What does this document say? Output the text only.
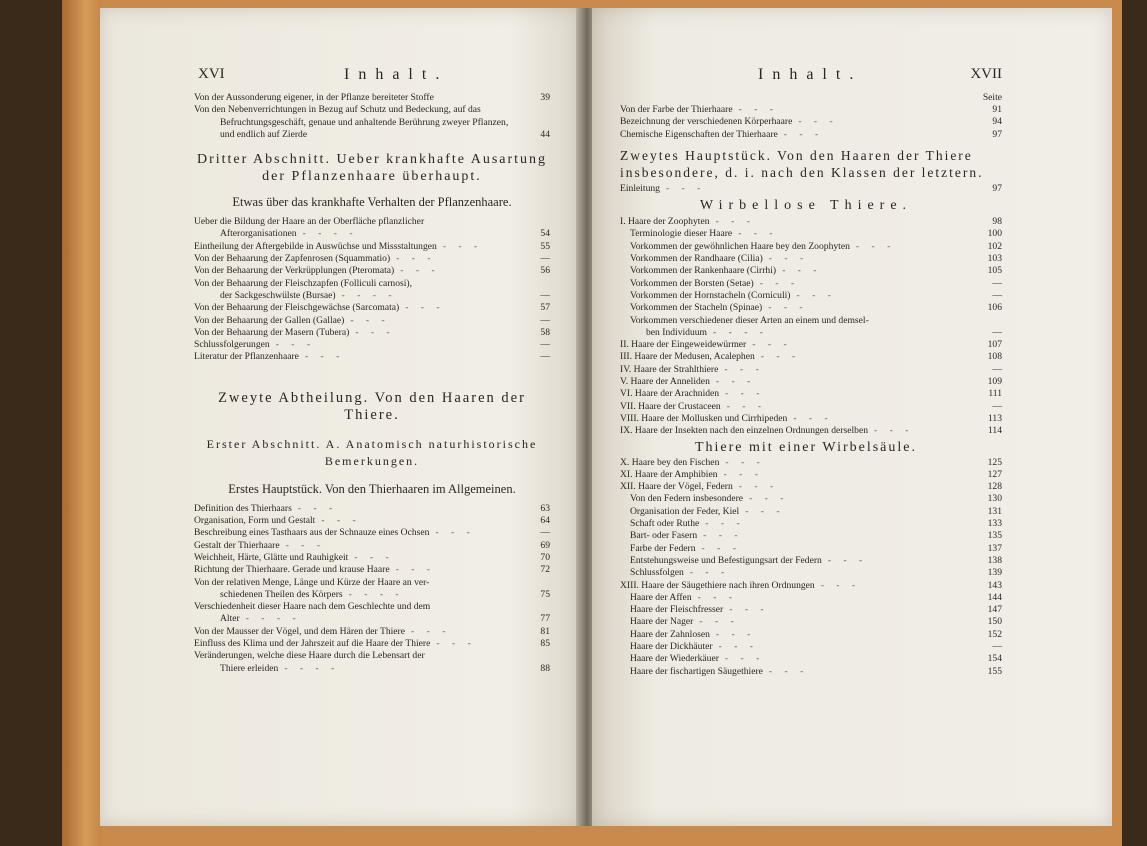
XVI	Inhalt.
Von der Aussonderung eigener, in der Pflanze bereiteter Stoffe	39
Von den Nebenverrichtungen in Bezug auf Schutz und Bedeckung, auf das Befruchtungsgeschäft, genaue und anhaltende Berührung zweyer Pflanzen, und endlich auf Zierde	44
Dritter Abschnitt. Ueber krankhafte Ausartung der Pflanzenhaare überhaupt.
Etwas über das krankhafte Verhalten der Pflanzenhaare.
Ueber die Bildung der Haare an der Oberfläche pflanzlicher
Afterorganisationen - - - -	54
Eintheilung der Aftergebilde in Auswüchse und Missstaltungen - - -	55
Von der Behaarung der Zapfenrosen (Squammatio) - - -	—
Von der Behaarung der Verkrüpplungen (Pteromata) - - -	56
Von der Behaarung der Fleischzapfen (Folliculi carnosi),
der Sackgeschwülste (Bursae) - - - -	—
Von der Behaarung der Fleischgewächse (Sarcomata) - - -	57
Von der Behaarung der Gallen (Gallae) - - -	—
Von der Behaarung der Masern (Tubera) - - -	58
Schlussfolgerungen - - -	—
Literatur der Pflanzenhaare - - -	—
Zweyte Abtheilung. Von den Haaren der Thiere.
Erster Abschnitt. A. Anatomisch naturhistorische Bemerkungen.
Erstes Hauptstück. Von den Thierhaaren im Allgemeinen.
Definition des Thierhaars - - -	63
Organisation, Form und Gestalt - - -	64
Beschreibung eines Tasthaars aus der Schnauze eines Ochsen - - -	—
Gestalt der Thierhaare - - -	69
Weichheit, Härte, Glätte und Rauhigkeit - - -	70
Richtung der Thierhaare. Gerade und krause Haare - - -	72
Von der relativen Menge, Länge und Kürze der Haare an ver-
schiedenen Theilen des Körpers - - - -	75
Verschiedenheit dieser Haare nach dem Geschlechte und dem
Alter - - - -	77
Von der Mausser der Vögel, und dem Hären der Thiere - - -	81
Einfluss des Klima und der Jahrszeit auf die Haare der Thiere - - -	85
Veränderungen, welche diese Haare durch die Lebensart der
Thiere erleiden - - - -	88
Inhalt.	XVII
Seite
Von der Farbe der Thierhaare - - -	91
Bezeichnung der verschiedenen Körperhaare - - -	94
Chemische Eigenschaften der Thierhaare - - -	97
Zweytes Hauptstück. Von den Haaren der Thiere insbesondere, d. i. nach den Klassen der letztern.
Einleitung - - -	97
Wirbellose Thiere.
I. Haare der Zoophyten - - -	98
Terminologie dieser Haare - - -	100
Vorkommen der gewöhnlichen Haare bey den Zoophyten - - -	102
Vorkommen der Randhaare (Cilia) - - -	103
Vorkommen der Rankenhaare (Cirrhi) - - -	105
Vorkommen der Borsten (Setae) - - -	—
Vorkommen der Hornstacheln (Corniculi) - - -	—
Vorkommen der Stacheln (Spinae) - - -	106
Vorkommen verschiedener dieser Arten an einem und demsel-
ben Individuum - - - -	—
II. Haare der Eingeweidewürmer - - -	107
III. Haare der Medusen, Acalephen - - -	108
IV. Haare der Strahlthiere - - -	—
V. Haare der Anneliden - - -	109
VI. Haare der Arachniden - - -	111
VII. Haare der Crustaceen - - -	—
VIII. Haare der Mollusken und Cirrhipeden - - -	113
IX. Haare der Insekten nach den einzelnen Ordnungen derselben - - -	114
Thiere mit einer Wirbelsäule.
X. Haare bey den Fischen - - -	125
XI. Haare der Amphibien - - -	127
XII. Haare der Vögel, Federn - - -	128
Von den Federn insbesondere - - -	130
Organisation der Feder, Kiel - - -	131
Schaft oder Ruthe - - -	133
Bart- oder Fasern - - -	135
Farbe der Federn - - -	137
Entstehungsweise und Befestigungsart der Federn - - -	138
Schlussfolgen - - -	139
XIII. Haare der Säugethiere nach ihren Ordnungen - - -	143
Haare der Affen - - -	144
Haare der Fleischfresser - - -	147
Haare der Nager - - -	150
Haare der Zahnlosen - - -	152
Haare der Dickhäuter - - -	—
Haare der Wiederkäuer - - -	154
Haare der fischartigen Säugethiere - - -	155
